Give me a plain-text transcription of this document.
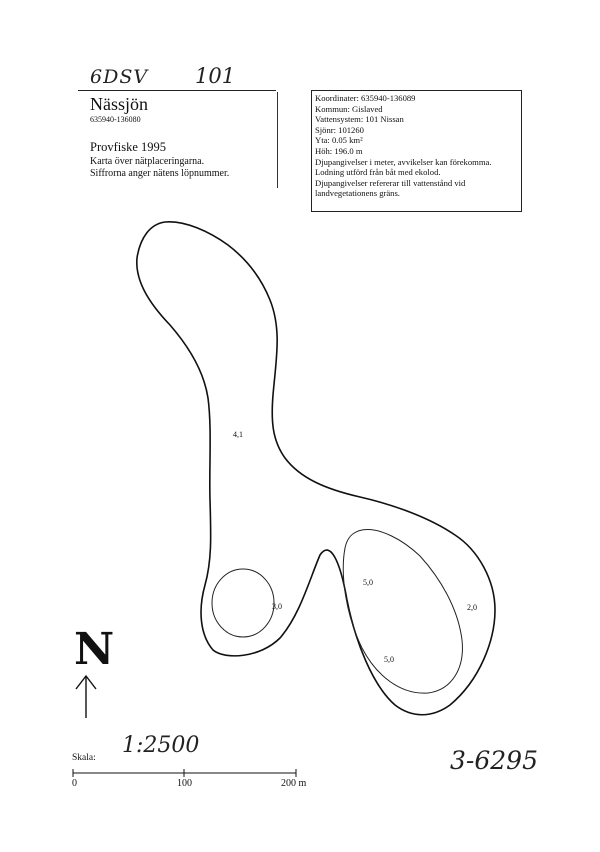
6DSV 101
Nässjön
635940-136080
Provfiske 1995
Karta över nätplaceringarna.
Siffrorna anger nätens löpnummer.
Koordinater: 635940-136089
Kommun: Gislaved
Vattensystem: 101 Nissan
Sjönr: 101260
Yta: 0.05 km²
Höh: 196.0 m
Djupangivelser i meter, avvikelser kan förekomma.
Lodning utförd från båt med ekolod.
Djupangivelser refererar till vattenstånd vid
landvegetationens gräns.
4,1
5,0
2,0
3,0
5,0
N
Skala: 1:2500
0	100	200 m
3-6295
